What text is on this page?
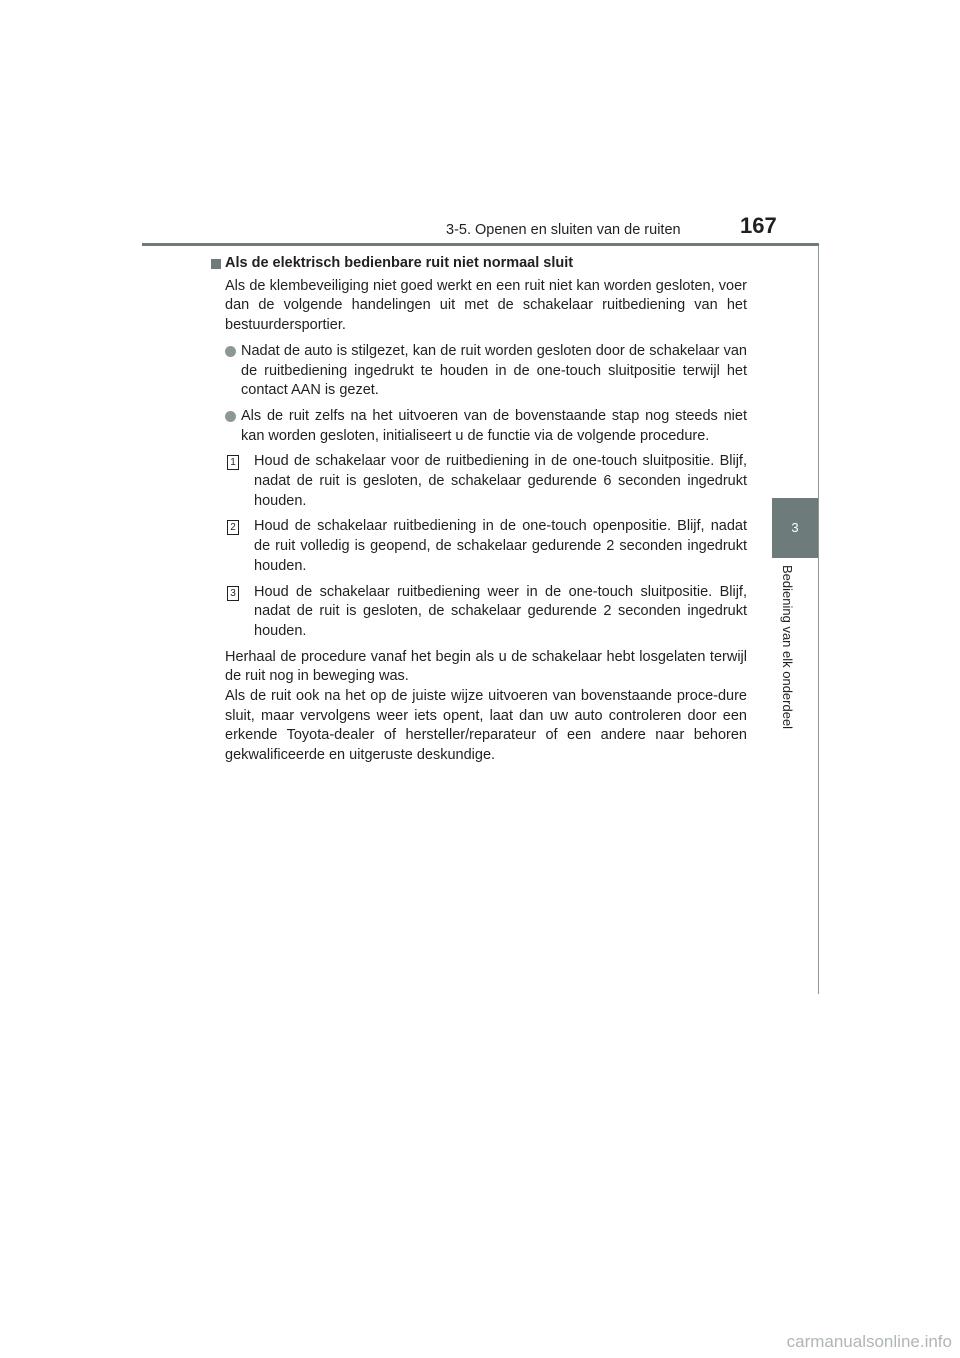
3-5. Openen en sluiten van de ruiten	167
3
Bediening van elk onderdeel
Als de elektrisch bedienbare ruit niet normaal sluit
Als de klembeveiliging niet goed werkt en een ruit niet kan worden gesloten, voer dan de volgende handelingen uit met de schakelaar ruitbediening van het bestuurdersportier.
Nadat de auto is stilgezet, kan de ruit worden gesloten door de schakelaar van de ruitbediening ingedrukt te houden in de one-touch sluitpositie terwijl het contact AAN is gezet.
Als de ruit zelfs na het uitvoeren van de bovenstaande stap nog steeds niet kan worden gesloten, initialiseert u de functie via de volgende procedure.
1 Houd de schakelaar voor de ruitbediening in de one-touch sluitpositie. Blijf, nadat de ruit is gesloten, de schakelaar gedurende 6 seconden ingedrukt houden.
2 Houd de schakelaar ruitbediening in de one-touch openpositie. Blijf, nadat de ruit volledig is geopend, de schakelaar gedurende 2 seconden ingedrukt houden.
3 Houd de schakelaar ruitbediening weer in de one-touch sluitpositie. Blijf, nadat de ruit is gesloten, de schakelaar gedurende 2 seconden ingedrukt houden.
Herhaal de procedure vanaf het begin als u de schakelaar hebt losgelaten terwijl de ruit nog in beweging was.
Als de ruit ook na het op de juiste wijze uitvoeren van bovenstaande proce-dure sluit, maar vervolgens weer iets opent, laat dan uw auto controleren door een erkende Toyota-dealer of hersteller/reparateur of een andere naar behoren gekwalificeerde en uitgeruste deskundige.
carmanualsonline.info
